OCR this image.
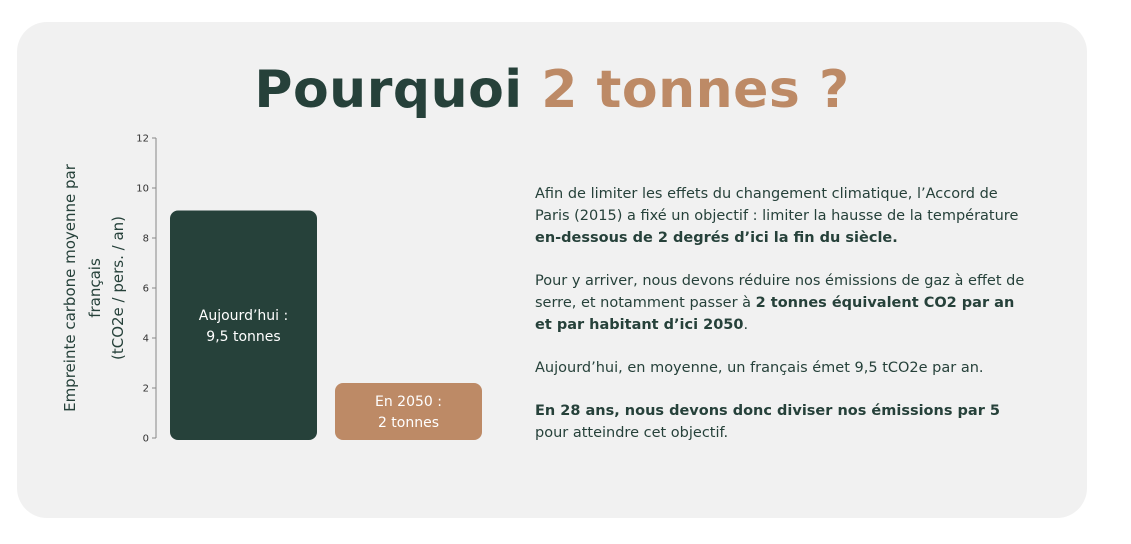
Pourquoi 2 tonnes ?
0
2
4
6
8
10
12
Empreinte carbone moyenne par français (tCO2e / pers. / an)	Aujourd’hui :
9,5 tonnes
En 2050 :
2 tonnes

Afin de limiter les effets du changement climatique, l’Accord de Paris (2015) a fixé un objectif : limiter la hausse de la température en-dessous de 2 degrés d’ici la fin du siècle.

Pour y arriver, nous devons réduire nos émissions de gaz à effet de serre, et notamment passer à 2 tonnes équivalent CO2 par an et par habitant d’ici 2050.

Aujourd’hui, en moyenne, un français émet 9,5 tCO2e par an.

En 28 ans, nous devons donc diviser nos émissions par 5 pour atteindre cet objectif.
